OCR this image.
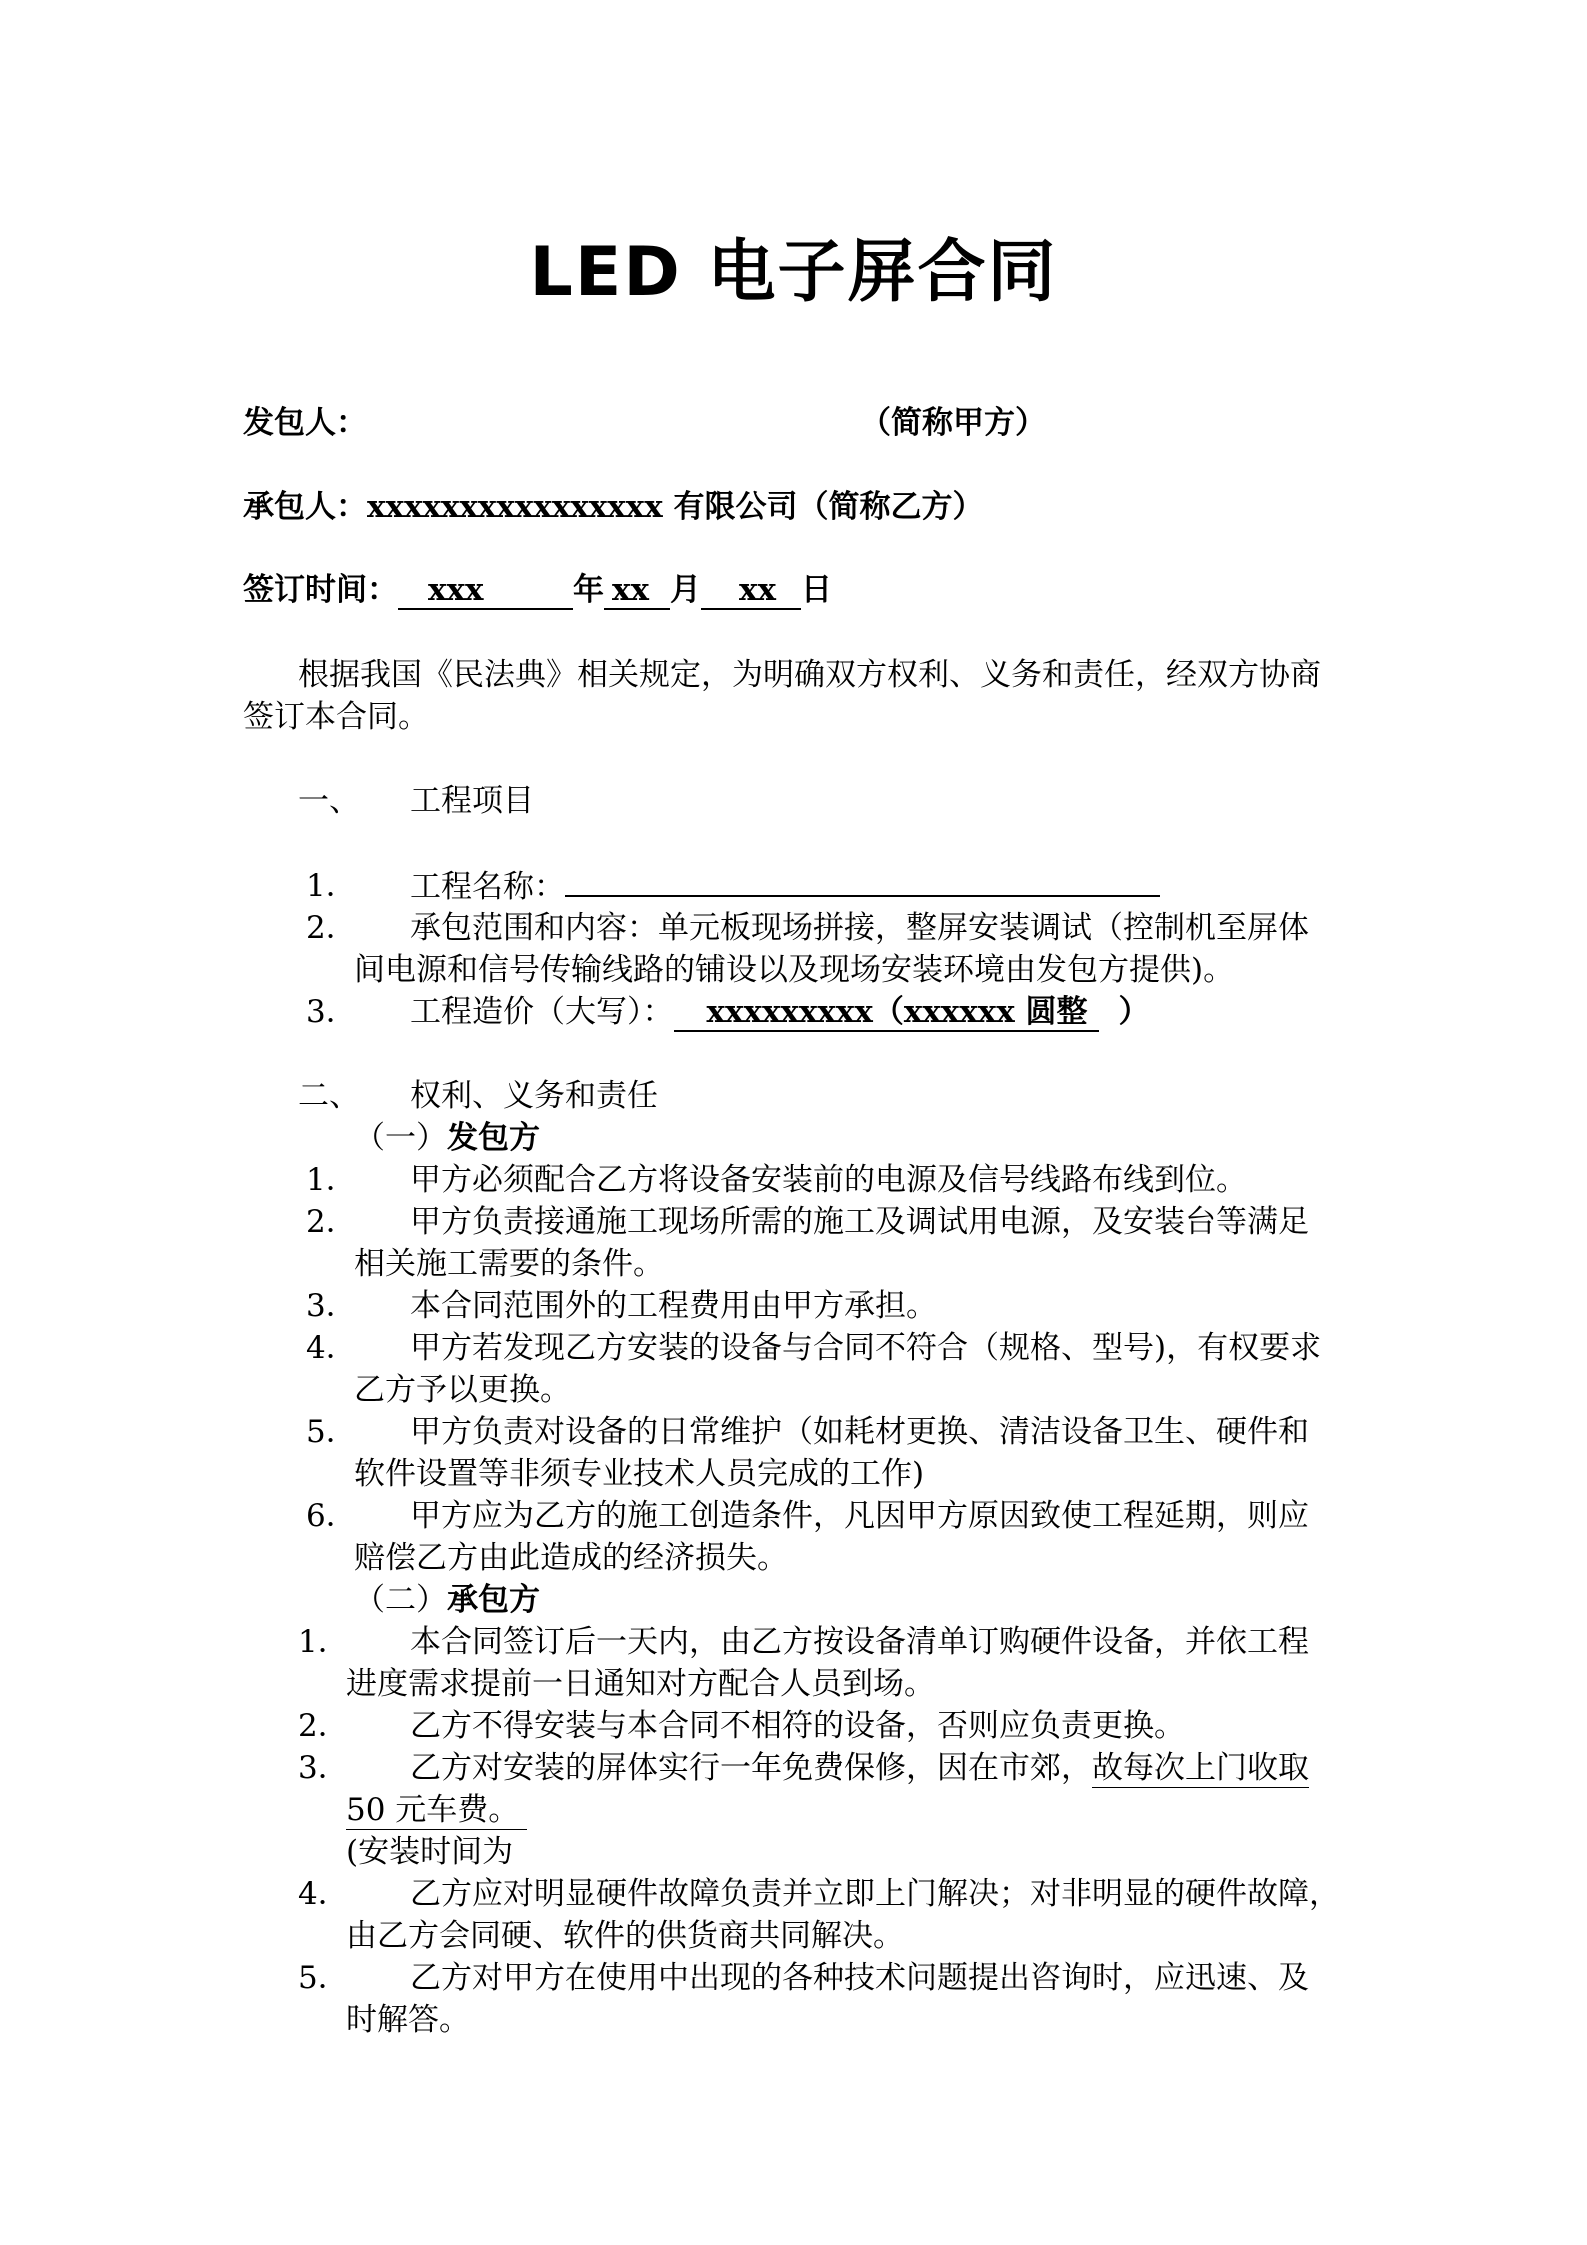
LED 电子屏合同
发包人：	（简称甲方）
承包人：xxxxxxxxxxxxxxxx 有限公司（简称乙方）
签订时间： xxx	年 xx 月 xx 日
根据我国《民法典》相关规定，为明确双方权利、义务和责任，经双方协商
签订本合同。
一、 工程项目
1． 工程名称：
2． 承包范围和内容：单元板现场拼接，整屏安装调试（控制机至屏体
间电源和信号传输线路的铺设以及现场安装环境由发包方提供)。
3． 工程造价（大写）： xxxxxxxxx（xxxxxx 圆整　）
二、 权利、义务和责任
（一）发包方
1． 甲方必须配合乙方将设备安装前的电源及信号线路布线到位。
2． 甲方负责接通施工现场所需的施工及调试用电源，及安装台等满足
相关施工需要的条件。
3． 本合同范围外的工程费用由甲方承担。
4． 甲方若发现乙方安装的设备与合同不符合（规格、型号)，有权要求
乙方予以更换。
5． 甲方负责对设备的日常维护（如耗材更换、清洁设备卫生、硬件和
软件设置等非须专业技术人员完成的工作)
6． 甲方应为乙方的施工创造条件，凡因甲方原因致使工程延期，则应
赔偿乙方由此造成的经济损失。
（二）承包方
1． 本合同签订后一天内，由乙方按设备清单订购硬件设备，并依工程
进度需求提前一日通知对方配合人员到场。
2． 乙方不得安装与本合同不相符的设备，否则应负责更换。
3． 乙方对安装的屏体实行一年免费保修，因在市郊，故每次上门收取
50 元车费。
(安装时间为
4． 乙方应对明显硬件故障负责并立即上门解决；对非明显的硬件故障，
由乙方会同硬、软件的供货商共同解决。
5． 乙方对甲方在使用中出现的各种技术问题提出咨询时，应迅速、及
时解答。
